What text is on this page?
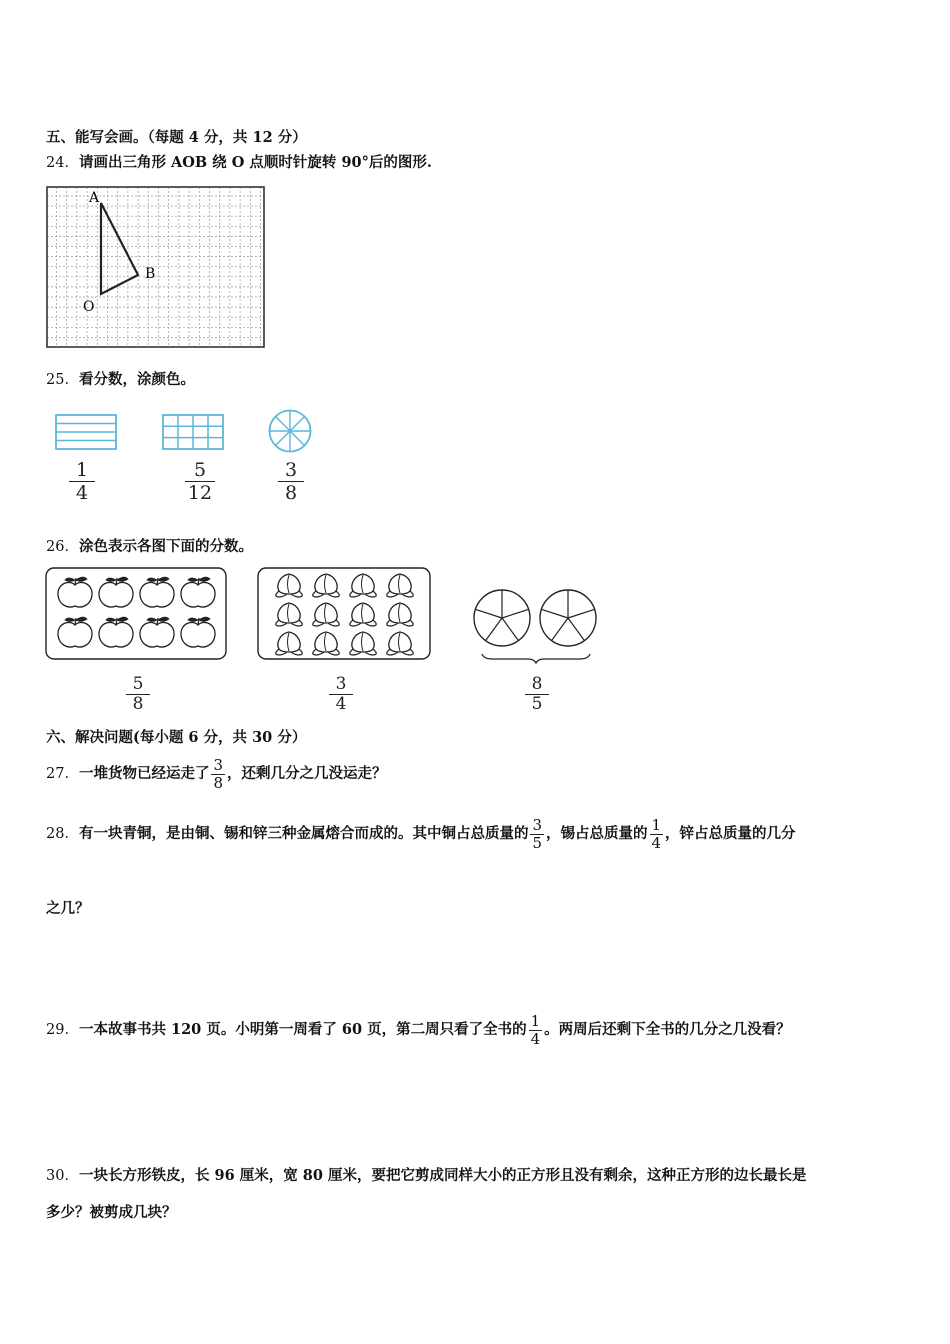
五、能写会画。（每题 4 分，共 12 分）
24．请画出三角形 AOB 绕 O 点顺时针旋转 90°后的图形.
A
B
O
25．看分数，涂颜色。
$\frac{1}{4}$	$\frac{5}{12}$	$\frac{3}{8}$
26．涂色表示各图下面的分数。
$\frac{5}{8}$	$\frac{3}{4}$	$\frac{8}{5}$
六、解决问题(每小题 6 分，共 30 分）
27．一堆货物已经运走了 $\frac{3}{8}$ ，还剩几分之几没运走？
28．有一块青铜，是由铜、锡和锌三种金属熔合而成的。其中铜占总质量的 $\frac{3}{5}$ ，锡占总质量的 $\frac{1}{4}$ ，锌占总质量的几分
之几？
29．一本故事书共 120 页。小明第一周看了 60 页，第二周只看了全书的 $\frac{1}{4}$ 。两周后还剩下全书的几分之几没看？
30．一块长方形铁皮，长 96 厘米，宽 80 厘米，要把它剪成同样大小的正方形且没有剩余，这种正方形的边长最长是
多少？被剪成几块？
